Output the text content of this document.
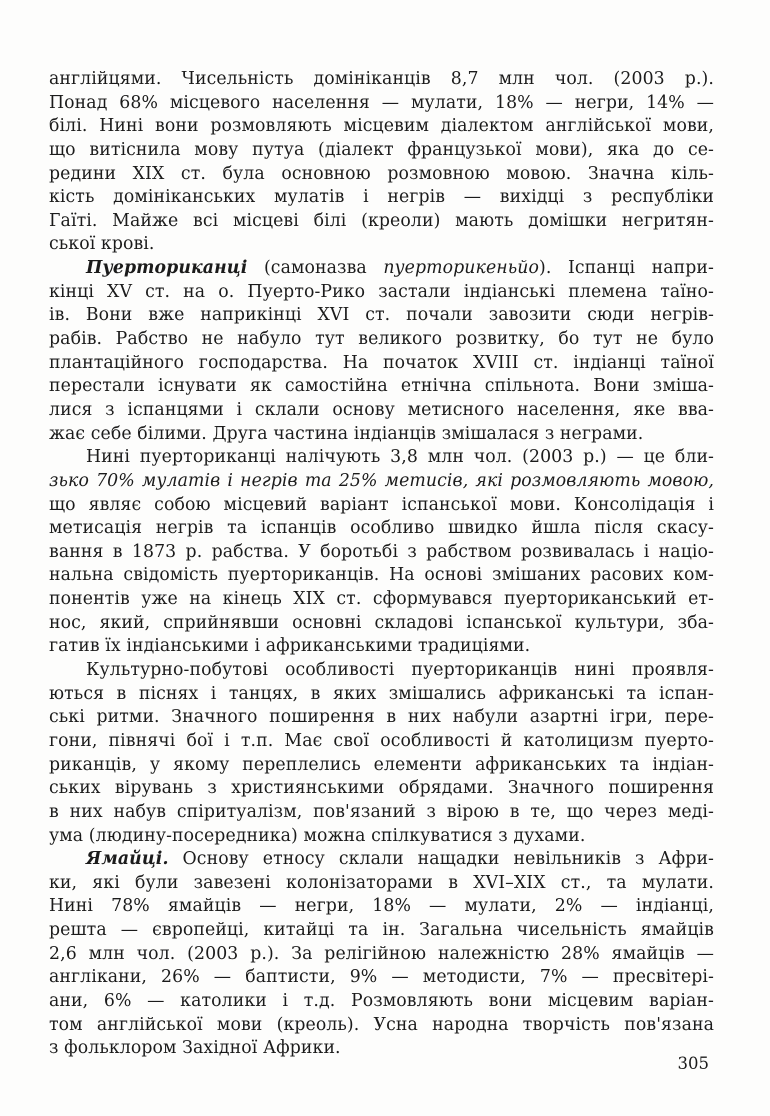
англійцями. Чисельність домініканців 8,7 млн чол. (2003 р.).
Понад 68% місцевого населення — мулати, 18% — негри, 14% —
білі. Нині вони розмовляють місцевим діалектом англійської мови,
що витіснила мову путуа (діалект французької мови), яка до се-
редини XIX ст. була основною розмовною мовою. Значна кіль-
кість домініканських мулатів і негрів — вихідці з республіки
Гаїті. Майже всі місцеві білі (креоли) мають домішки негритян-
ської крові.
Пуерториканці (самоназва пуерторикеньйо). Іспанці напри-
кінці XV ст. на о. Пуерто-Рико застали індіанські племена таїно-
ів. Вони вже наприкінці XVI ст. почали завозити сюди негрів-
рабів. Рабство не набуло тут великого розвитку, бо тут не було
плантаційного господарства. На початок XVIII ст. індіанці таїної
перестали існувати як самостійна етнічна спільнота. Вони зміша-
лися з іспанцями і склали основу метисного населення, яке вва-
жає себе білими. Друга частина індіанців змішалася з неграми.
Нині пуерториканці налічують 3,8 млн чол. (2003 р.) — це бли-
зько 70% мулатів і негрів та 25% метисів, які розмовляють мовою,
що являє собою місцевий варіант іспанської мови. Консолідація і
метисація негрів та іспанців особливо швидко йшла після скасу-
вання в 1873 р. рабства. У боротьбі з рабством розвивалась і націо-
нальна свідомість пуерториканців. На основі змішаних расових ком-
понентів уже на кінець XIX ст. сформувався пуерториканський ет-
нос, який, сприйнявши основні складові іспанської культури, зба-
гатив їх індіанськими і африканськими традиціями.
Культурно-побутові особливості пуерториканців нині проявля-
ються в піснях і танцях, в яких змішались африканські та іспан-
ські ритми. Значного поширення в них набули азартні ігри, пере-
гони, півнячі бої і т.п. Має свої особливості й католицизм пуерто-
риканців, у якому переплелись елементи африканських та індіан-
ських вірувань з християнськими обрядами. Значного поширення
в них набув спіритуалізм, пов'язаний з вірою в те, що через меді-
ума (людину-посередника) можна спілкуватися з духами.
Ямайці. Основу етносу склали нащадки невільників з Афри-
ки, які були завезені колонізаторами в XVI–XIX ст., та мулати.
Нині 78% ямайців — негри, 18% — мулати, 2% — індіанці,
решта — європейці, китайці та ін. Загальна чисельність ямайців
2,6 млн чол. (2003 р.). За релігійною належністю 28% ямайців —
англікани, 26% — баптисти, 9% — методисти, 7% — пресвітері-
ани, 6% — католики і т.д. Розмовляють вони місцевим варіан-
том англійської мови (креоль). Усна народна творчість пов'язана
з фольклором Західної Африки.
305
